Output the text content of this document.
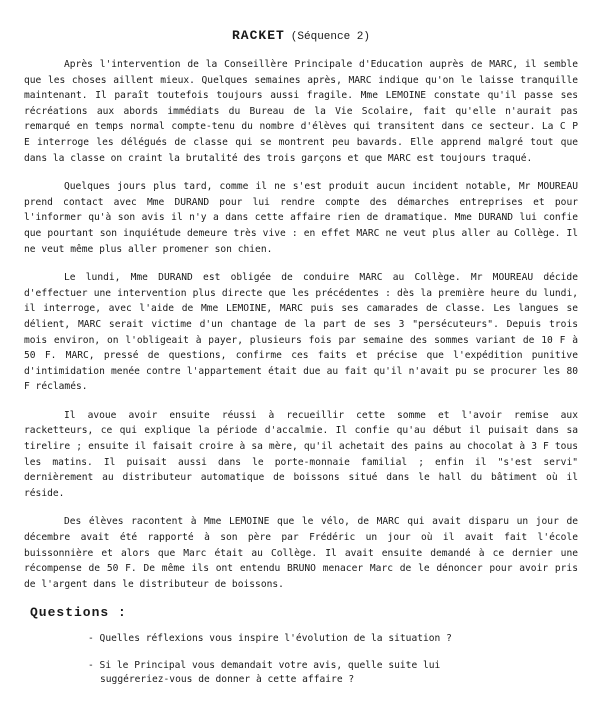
RACKET (Séquence 2)

Après l'intervention de la Conseillère Principale d'Education auprès de MARC, il semble que les choses aillent mieux. Quelques semaines après, MARC indique qu'on le laisse tranquille maintenant. Il paraît toutefois toujours aussi fragile. Mme LEMOINE constate qu'il passe ses récréations aux abords immédiats du Bureau de la Vie Scolaire, fait qu'elle n'aurait pas remarqué en temps normal compte-tenu du nombre d'élèves qui transitent dans ce secteur. La C P E interroge les délégués de classe qui se montrent peu bavards. Elle apprend malgré tout que dans la classe on craint la brutalité des trois garçons et que MARC est toujours traqué.

Quelques jours plus tard, comme il ne s'est produit aucun incident notable, Mr MOUREAU prend contact avec Mme DURAND pour lui rendre compte des démarches entreprises et pour l'informer qu'à son avis il n'y a dans cette affaire rien de dramatique. Mme DURAND lui confie que pourtant son inquiétude demeure très vive : en effet MARC ne veut plus aller au Collège. Il ne veut même plus aller promener son chien.

Le lundi, Mme DURAND est obligée de conduire MARC au Collège. Mr MOUREAU décide d'effectuer une intervention plus directe que les précédentes : dès la première heure du lundi, il interroge, avec l'aide de Mme LEMOINE, MARC puis ses camarades de classe. Les langues se délient, MARC serait victime d'un chantage de la part de ses 3 "persécuteurs". Depuis trois mois environ, on l'obligeait à payer, plusieurs fois par semaine des sommes variant de 10 F à 50 F. MARC, pressé de questions, confirme ces faits et précise que l'expédition punitive d'intimidation menée contre l'appartement était due au fait qu'il n'avait pu se procurer les 80 F réclamés.

Il avoue avoir ensuite réussi à recueillir cette somme et l'avoir remise aux racketteurs, ce qui explique la période d'accalmie. Il confie qu'au début il puisait dans sa tirelire ; ensuite il faisait croire à sa mère, qu'il achetait des pains au chocolat à 3 F tous les matins. Il puisait aussi dans le porte-monnaie familial ; enfin il "s'est servi" dernièrement au distributeur automatique de boissons situé dans le hall du bâtiment où il réside.

Des élèves racontent à Mme LEMOINE que le vélo, de MARC qui avait disparu un jour de décembre avait été rapporté à son père par Frédéric un jour où il avait fait l'école buissonnière et alors que Marc était au Collège. Il avait ensuite demandé à ce dernier une récompense de 50 F. De même ils ont entendu BRUNO menacer Marc de le dénoncer pour avoir pris de l'argent dans le distributeur de boissons.

Questions :
- Quelles réflexions vous inspire l'évolution de la situation ?
- Si le Principal vous demandait votre avis, quelle suite lui
suggéreriez-vous de donner à cette affaire ?
